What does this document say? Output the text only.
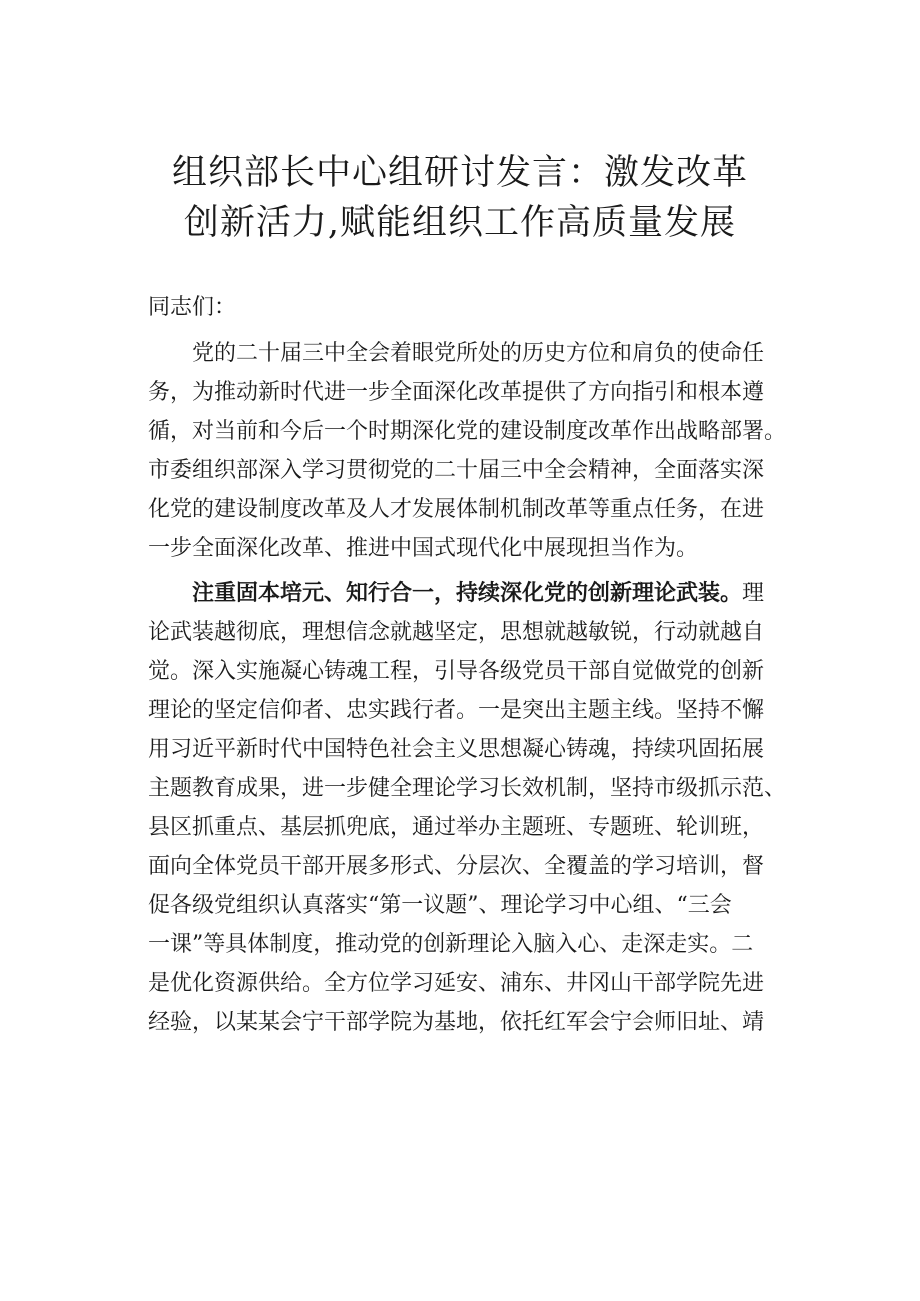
组织部长中心组研讨发言：激发改革
创新活力,赋能组织工作高质量发展
同志们：
党的二十届三中全会着眼党所处的历史方位和肩负的使命任
务，为推动新时代进一步全面深化改革提供了方向指引和根本遵
循，对当前和今后一个时期深化党的建设制度改革作出战略部署。
市委组织部深入学习贯彻党的二十届三中全会精神，全面落实深
化党的建设制度改革及人才发展体制机制改革等重点任务，在进
一步全面深化改革、推进中国式现代化中展现担当作为。
注重固本培元、知行合一，持续深化党的创新理论武装。理
论武装越彻底，理想信念就越坚定，思想就越敏锐，行动就越自
觉。深入实施凝心铸魂工程，引导各级党员干部自觉做党的创新
理论的坚定信仰者、忠实践行者。一是突出主题主线。坚持不懈
用习近平新时代中国特色社会主义思想凝心铸魂，持续巩固拓展
主题教育成果，进一步健全理论学习长效机制，坚持市级抓示范、
县区抓重点、基层抓兜底，通过举办主题班、专题班、轮训班，
面向全体党员干部开展多形式、分层次、全覆盖的学习培训，督
促各级党组织认真落实“第一议题”、理论学习中心组、“三会
一课”等具体制度，推动党的创新理论入脑入心、走深走实。二
是优化资源供给。全方位学习延安、浦东、井冈山干部学院先进
经验，以某某会宁干部学院为基地，依托红军会宁会师旧址、靖
